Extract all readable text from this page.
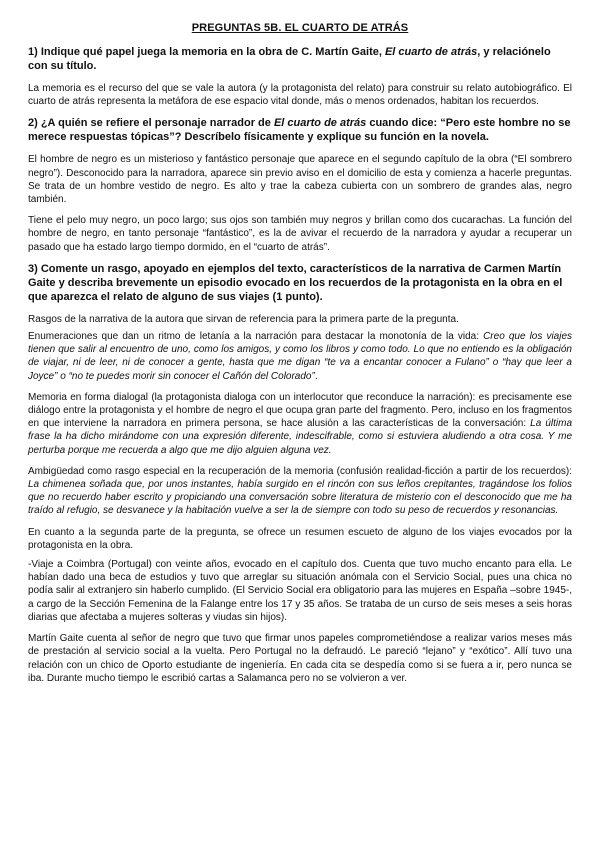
PREGUNTAS 5B. EL CUARTO DE ATRÁS
1) Indique qué papel juega la memoria en la obra de C. Martín Gaite, El cuarto de atrás, y relaciónelo con su título.
La memoria es el recurso del que se vale la autora (y la protagonista del relato) para construir su relato autobiográfico. El cuarto de atrás representa la metáfora de ese espacio vital donde, más o menos ordenados, habitan los recuerdos.
2) ¿A quién se refiere el personaje narrador de El cuarto de atrás cuando dice: “Pero este hombre no se merece respuestas tópicas”? Descríbelo físicamente y explique su función en la novela.
El hombre de negro es un misterioso y fantástico personaje que aparece en el segundo capítulo de la obra (“El sombrero negro”). Desconocido para la narradora, aparece sin previo aviso en el domicilio de esta y comienza a hacerle preguntas. Se trata de un hombre vestido de negro. Es alto y trae la cabeza cubierta con un sombrero de grandes alas, negro también.
Tiene el pelo muy negro, un poco largo; sus ojos son también muy negros y brillan como dos cucarachas. La función del hombre de negro, en tanto personaje “fantástico”, es la de avivar el recuerdo de la narradora y ayudar a recuperar un pasado que ha estado largo tiempo dormido, en el “cuarto de atrás”.
3) Comente un rasgo, apoyado en ejemplos del texto, característicos de la narrativa de Carmen Martín Gaite y describa brevemente un episodio evocado en los recuerdos de la protagonista en la obra en el que aparezca el relato de alguno de sus viajes (1 punto).
Rasgos de la narrativa de la autora que sirvan de referencia para la primera parte de la pregunta.
Enumeraciones que dan un ritmo de letanía a la narración para destacar la monotonía de la vida: Creo que los viajes tienen que salir al encuentro de uno, como los amigos, y como los libros y como todo. Lo que no entiendo es la obligación de viajar, ni de leer, ni de conocer a gente, hasta que me digan “te va a encantar conocer a Fulano” o “hay que leer a Joyce” o “no te puedes morir sin conocer el Cañón del Colorado”.
Memoria en forma dialogal (la protagonista dialoga con un interlocutor que reconduce la narración): es precisamente ese diálogo entre la protagonista y el hombre de negro el que ocupa gran parte del fragmento. Pero, incluso en los fragmentos en que interviene la narradora en primera persona, se hace alusión a las características de la conversación: La última frase la ha dicho mirándome con una expresión diferente, indescifrable, como si estuviera aludiendo a otra cosa. Y me perturba porque me recuerda a algo que me dijo alguien alguna vez.
Ambigüedad como rasgo especial en la recuperación de la memoria (confusión realidad-ficción a partir de los recuerdos): La chimenea soñada que, por unos instantes, había surgido en el rincón con sus leños crepitantes, tragándose los folios que no recuerdo haber escrito y propiciando una conversación sobre literatura de misterio con el desconocido que me ha traído al refugio, se desvanece y la habitación vuelve a ser la de siempre con todo su peso de recuerdos y resonancias.
En cuanto a la segunda parte de la pregunta, se ofrece un resumen escueto de alguno de los viajes evocados por la protagonista en la obra.
-Viaje a Coimbra (Portugal) con veinte años, evocado en el capítulo dos. Cuenta que tuvo mucho encanto para ella. Le habían dado una beca de estudios y tuvo que arreglar su situación anómala con el Servicio Social, pues una chica no podía salir al extranjero sin haberlo cumplido. (El Servicio Social era obligatorio para las mujeres en España –sobre 1945-, a cargo de la Sección Femenina de la Falange entre los 17 y 35 años. Se trataba de un curso de seis meses a seis horas diarias que afectaba a mujeres solteras y viudas sin hijos).
Martín Gaite cuenta al señor de negro que tuvo que firmar unos papeles comprometiéndose a realizar varios meses más de prestación al servicio social a la vuelta. Pero Portugal no la defraudó. Le pareció “lejano” y “exótico”. Allí tuvo una relación con un chico de Oporto estudiante de ingeniería. En cada cita se despedía como si se fuera a ir, pero nunca se iba. Durante mucho tiempo le escribió cartas a Salamanca pero no se volvieron a ver.
